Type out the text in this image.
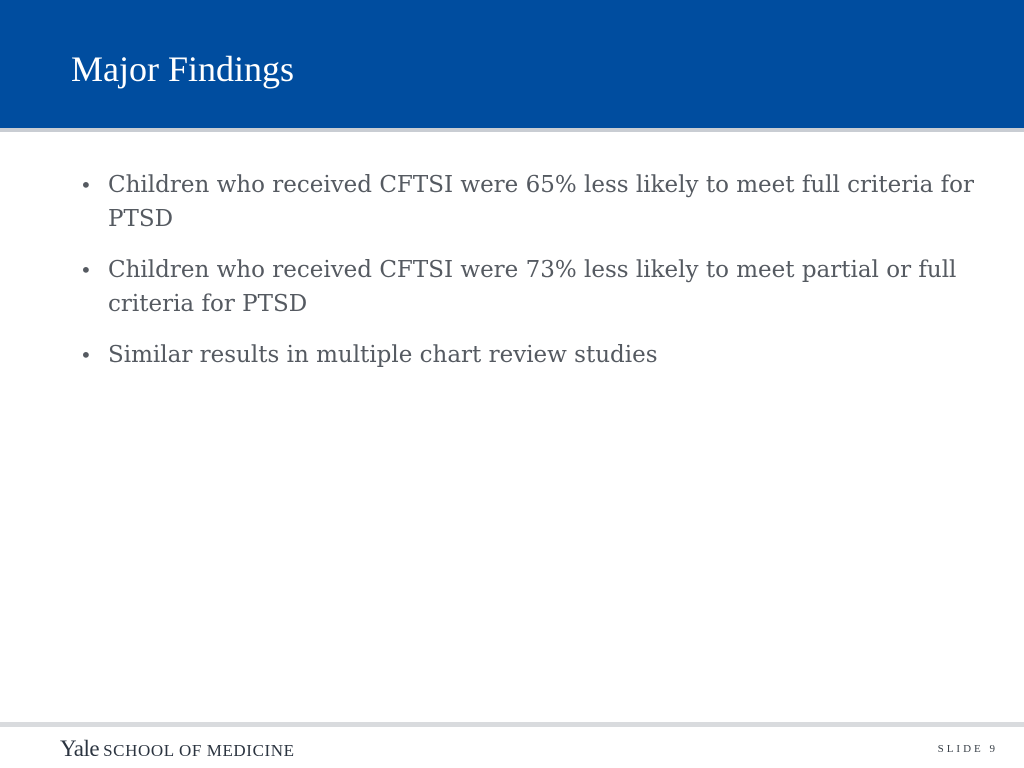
Major Findings
• Children who received CFTSI were 65% less likely to meet full criteria for PTSD
• Children who received CFTSI were 73% less likely to meet partial or full criteria for PTSD
• Similar results in multiple chart review studies
Yale SCHOOL OF MEDICINE	SLIDE 9
